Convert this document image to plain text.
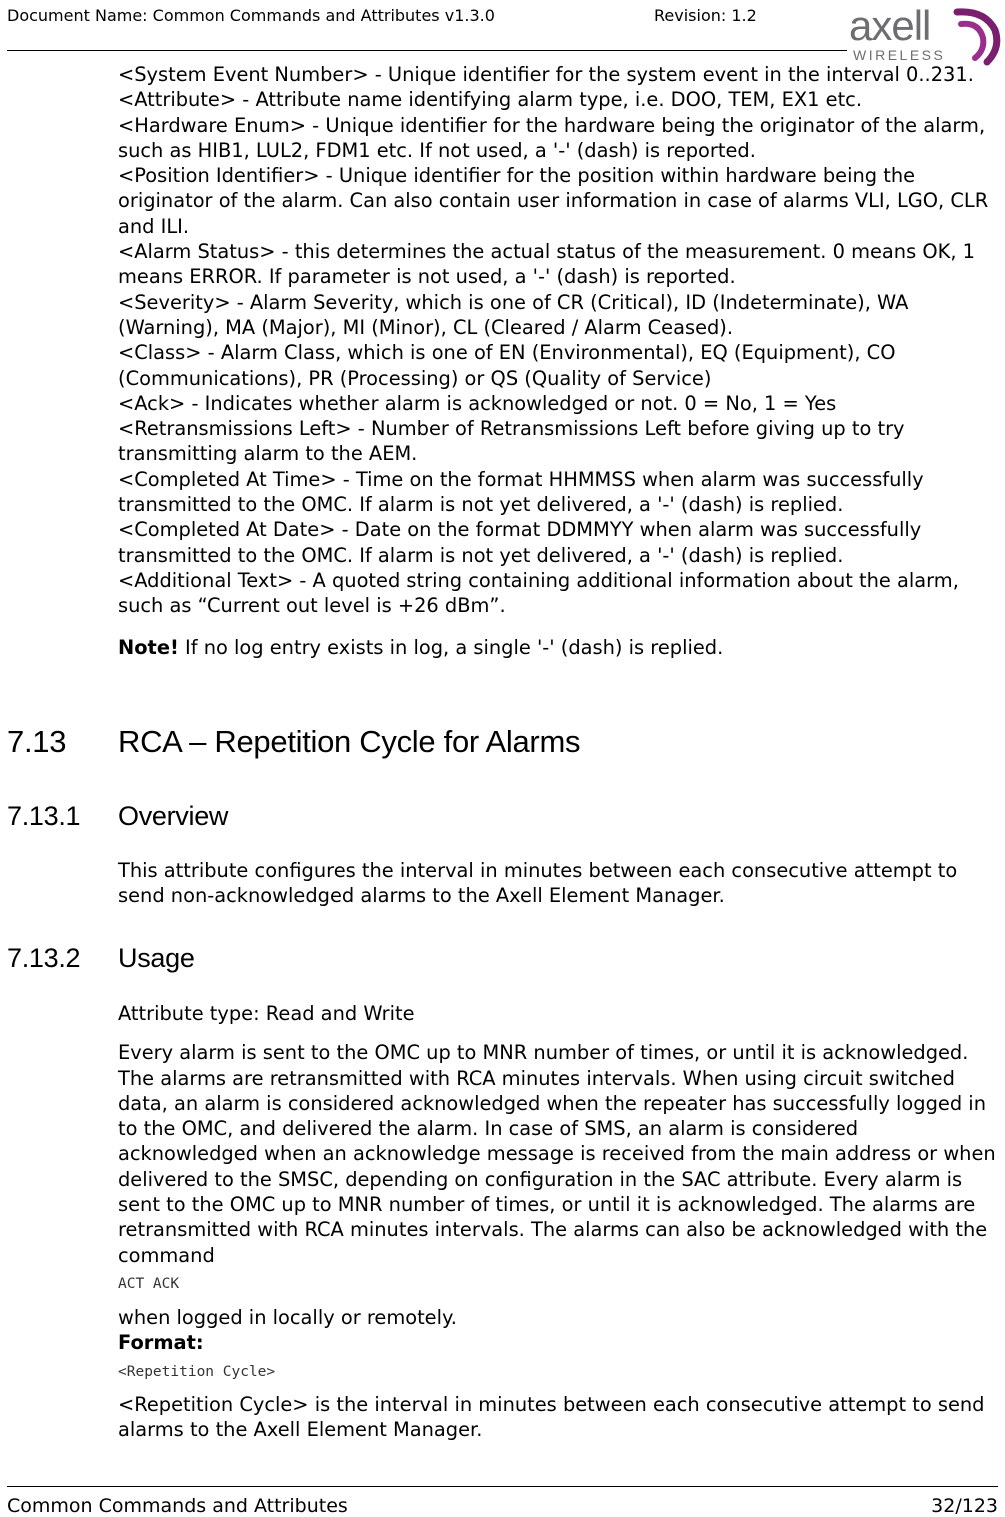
Document Name: Common Commands and Attributes v1.3.0	Revision: 1.2 axell
WIRELESS

<System Event Number> - Unique identifier for the system event in the interval 0..231.

<Attribute> - Attribute name identifying alarm type, i.e. DOO, TEM, EX1 etc.

<Hardware Enum> - Unique identifier for the hardware being the originator of the alarm, such as HIB1, LUL2, FDM1 etc. If not used, a '-' (dash) is reported.

<Position Identifier> - Unique identifier for the position within hardware being the originator of the alarm. Can also contain user information in case of alarms VLI, LGO, CLR and ILI.

<Alarm Status> - this determines the actual status of the measurement. 0 means OK, 1 means ERROR. If parameter is not used, a '-' (dash) is reported.

<Severity> - Alarm Severity, which is one of CR (Critical), ID (Indeterminate), WA (Warning), MA (Major), MI (Minor), CL (Cleared / Alarm Ceased).

<Class> - Alarm Class, which is one of EN (Environmental), EQ (Equipment), CO (Communications), PR (Processing) or QS (Quality of Service)

<Ack> - Indicates whether alarm is acknowledged or not. 0 = No, 1 = Yes

<Retransmissions Left> - Number of Retransmissions Left before giving up to try transmitting alarm to the AEM.

<Completed At Time> - Time on the format HHMMSS when alarm was successfully transmitted to the OMC. If alarm is not yet delivered, a '-' (dash) is replied.

<Completed At Date> - Date on the format DDMMYY when alarm was successfully transmitted to the OMC. If alarm is not yet delivered, a '-' (dash) is replied.

<Additional Text> - A quoted string containing additional information about the alarm, such as “Current out level is +26 dBm”.

Note! If no log entry exists in log, a single '-' (dash) is replied.

7.13 RCA – Repetition Cycle for Alarms
7.13.1 Overview

This attribute configures the interval in minutes between each consecutive attempt to send non-acknowledged alarms to the Axell Element Manager.

7.13.2 Usage

Attribute type: Read and Write

Every alarm is sent to the OMC up to MNR number of times, or until it is acknowledged. The alarms are retransmitted with RCA minutes intervals. When using circuit switched data, an alarm is considered acknowledged when the repeater has successfully logged in to the OMC, and delivered the alarm. In case of SMS, an alarm is considered acknowledged when an acknowledge message is received from the main address or when delivered to the SMSC, depending on configuration in the SAC attribute. Every alarm is sent to the OMC up to MNR number of times, or until it is acknowledged. The alarms are retransmitted with RCA minutes intervals. The alarms can also be acknowledged with the command

ACT ACK

when logged in locally or remotely.

Format:

<Repetition Cycle>

<Repetition Cycle> is the interval in minutes between each consecutive attempt to send alarms to the Axell Element Manager.

Common Commands and Attributes	32/123
